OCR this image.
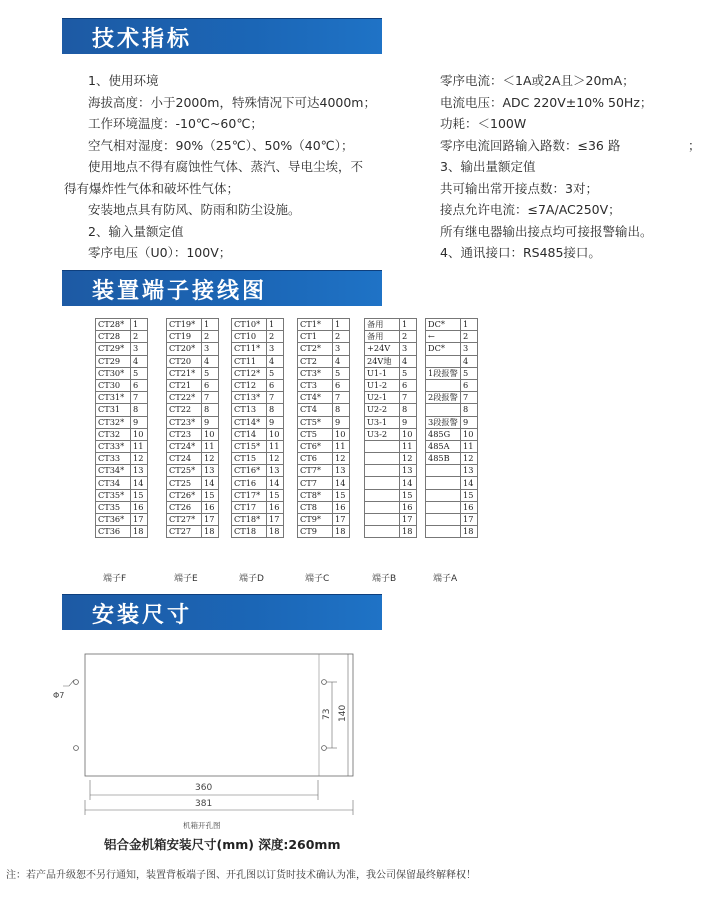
技术指标
1、使用环境
海拔高度：小于2000m，特殊情况下可达4000m；
工作环境温度：-10℃~60℃；
空气相对湿度：90%（25℃）、50%（40℃）；
使用地点不得有腐蚀性气体、蒸汽、导电尘埃，不
得有爆炸性气体和破坏性气体；
安装地点具有防风、防雨和防尘设施。
2、输入量额定值
零序电压（U0）：100V；
零序电流：＜1A或2A且＞20mA；
电流电压：ADC 220V±10% 50Hz；
功耗：＜100W
零序电流回路输入路数：≤36 路	；
3、输出量额定值
共可输出常开接点数：3对；
接点允许电流：≤7A/AC250V；
所有继电器输出接点均可接报警输出。
4、通讯接口：RS485接口。
装置端子接线图
CT28*	1
CT28	2
CT29*	3
CT29	4
CT30*	5
CT30	6
CT31*	7
CT31	8
CT32*	9
CT32	10
CT33*	11
CT33	12
CT34*	13
CT34	14
CT35*	15
CT35	16
CT36*	17
CT36	18
端子F
CT19*	1
CT19	2
CT20*	3
CT20	4
CT21*	5
CT21	6
CT22*	7
CT22	8
CT23*	9
CT23	10
CT24*	11
CT24	12
CT25*	13
CT25	14
CT26*	15
CT26	16
CT27*	17
CT27	18
端子E
CT10*	1
CT10	2
CT11*	3
CT11	4
CT12*	5
CT12	6
CT13*	7
CT13	8
CT14*	9
CT14	10
CT15*	11
CT15	12
CT16*	13
CT16	14
CT17*	15
CT17	16
CT18*	17
CT18	18
端子D
CT1*	1
CT1	2
CT2*	3
CT2	4
CT3*	5
CT3	6
CT4*	7
CT4	8
CT5*	9
CT5	10
CT6*	11
CT6	12
CT7*	13
CT7	14
CT8*	15
CT8	16
CT9*	17
CT9	18
端子C
备用	1
备用	2
+24V	3
24V地	4
U1-1	5
U1-2	6
U2-1	7
U2-2	8
U3-1	9
U3-2	10
	11
	12
	13
	14
	15
	16
	17
	18
端子B
DC*	1
←	2
DC*	3
	4
1段报警	5
	6
2段报警	7
	8
3段报警	9
485G	10
485A	11
485B	12
	13
	14
	15
	16
	17
	18
端子A
安装尺寸
Φ7
73 140
360
381
机箱开孔图
铝合金机箱安装尺寸(mm) 深度:260mm
注：若产品升级恕不另行通知，装置背板端子图、开孔图以订货时技术确认为准，我公司保留最终解释权！
